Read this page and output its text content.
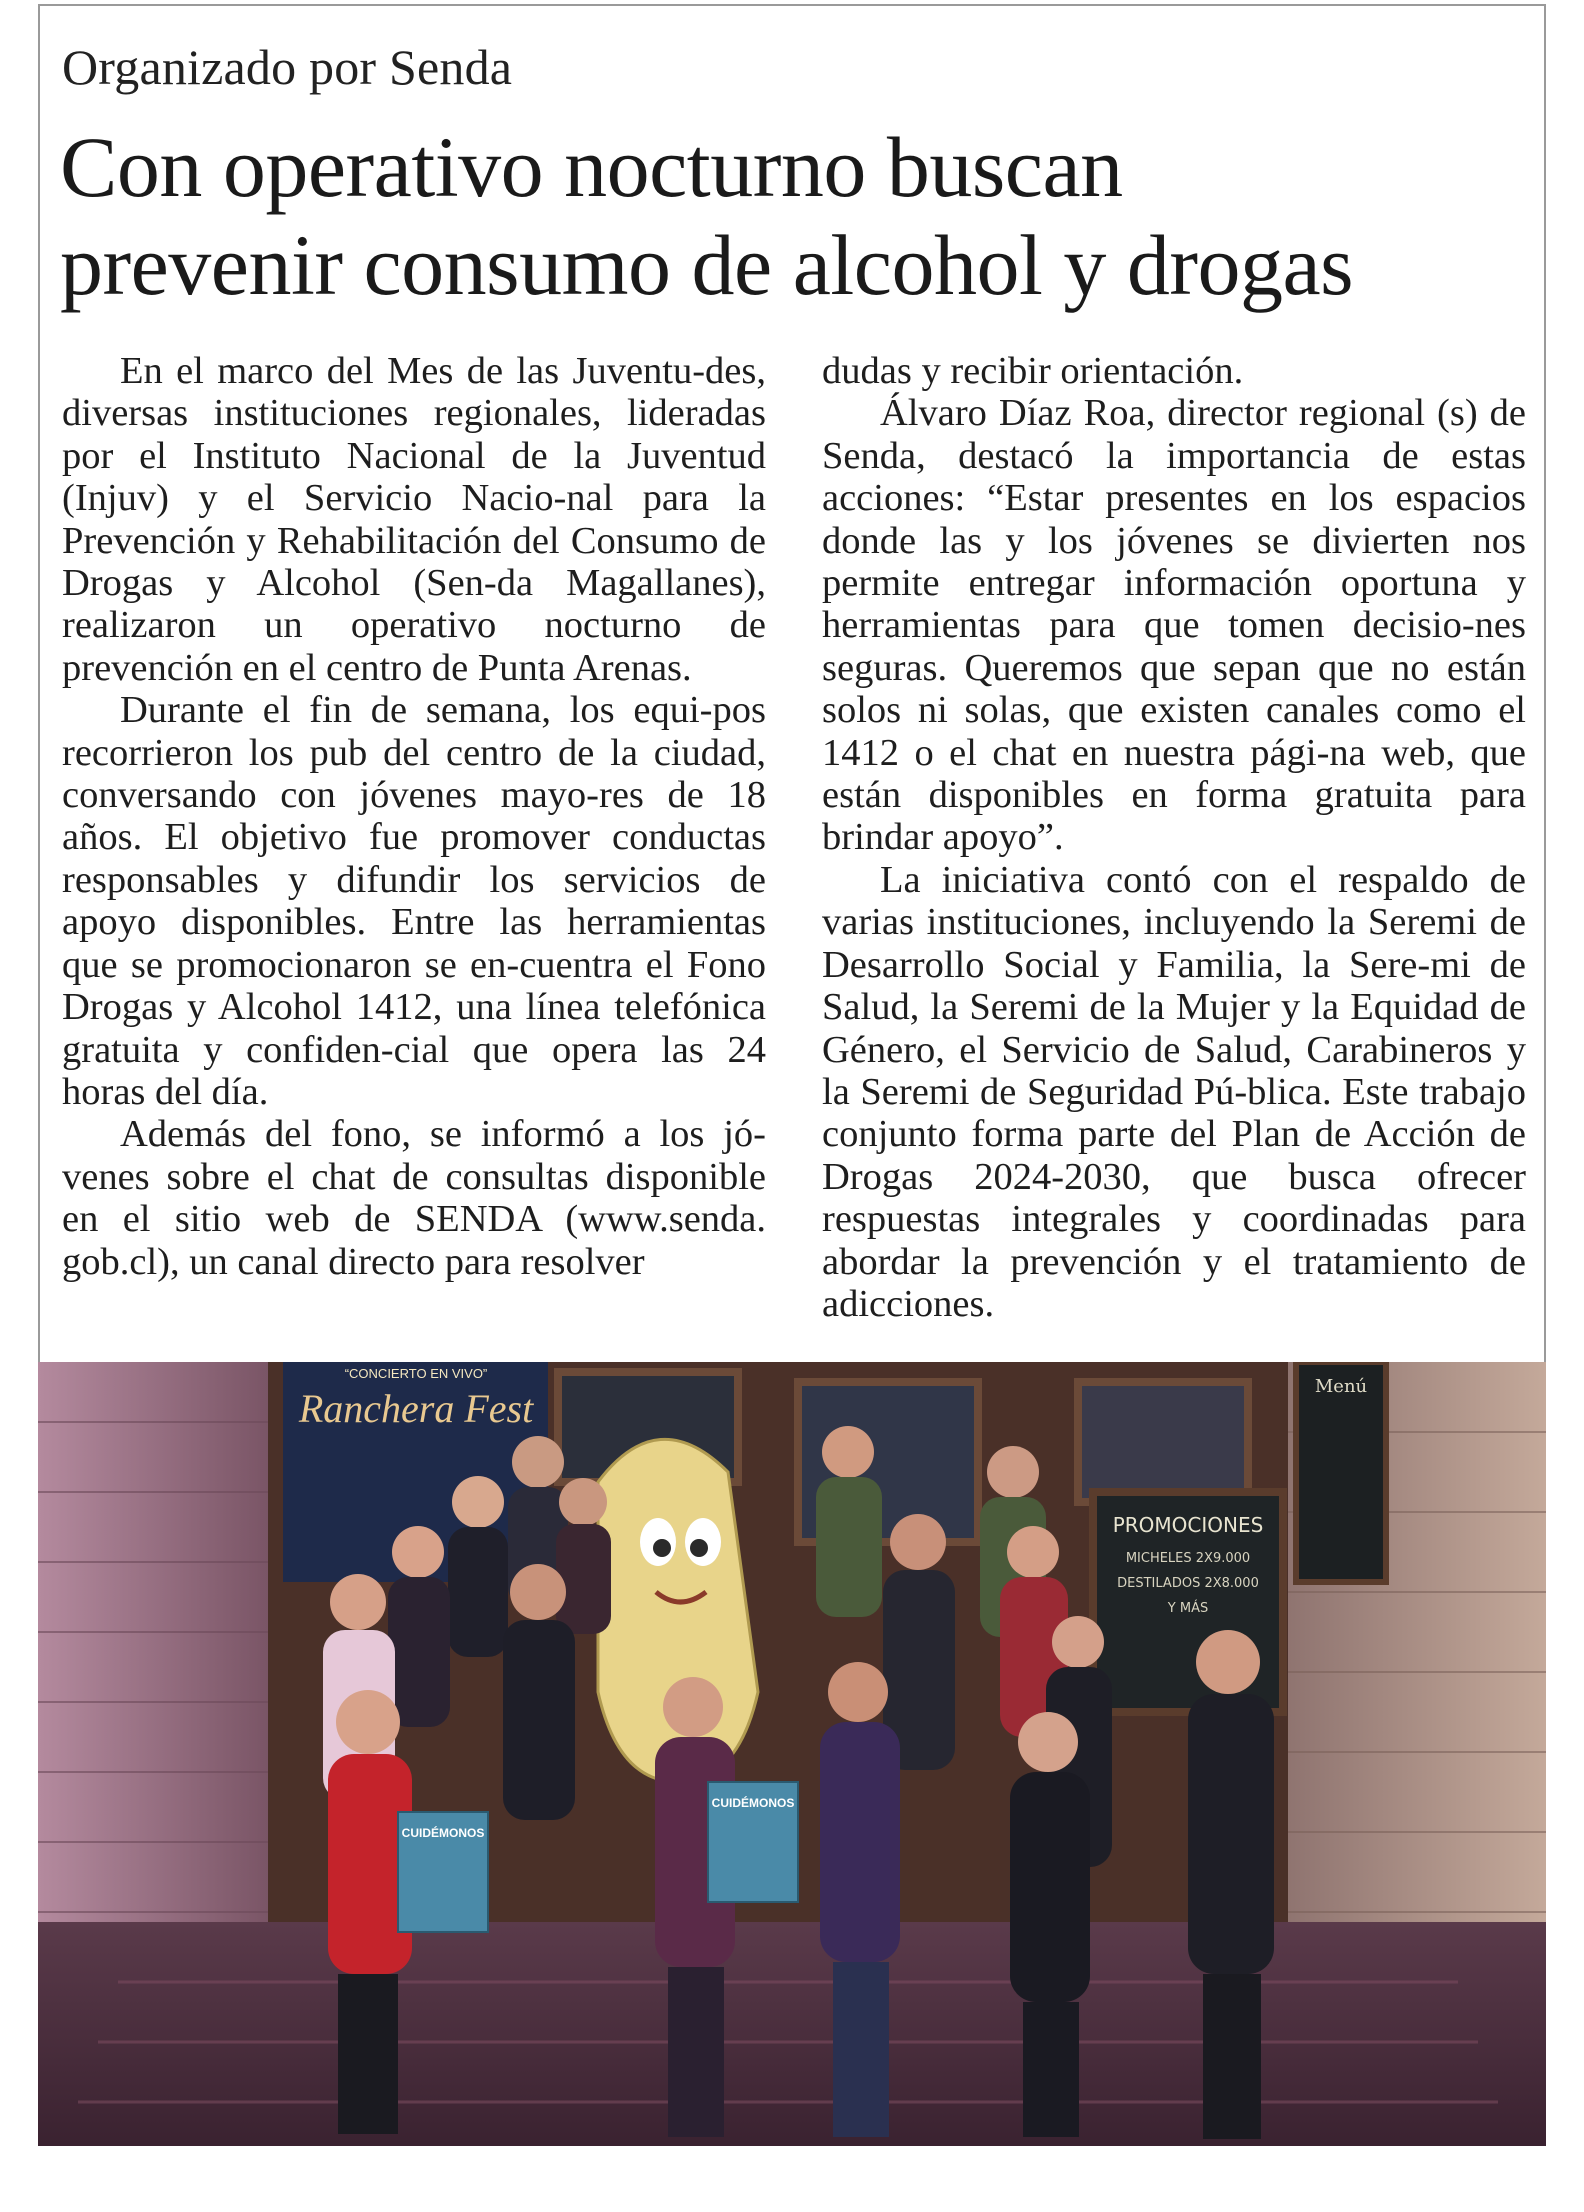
Organizado por Senda
Con operativo nocturno buscan
prevenir consumo de alcohol y drogas

En el marco del Mes de las Juventu-des, diversas instituciones regionales, lideradas por el Instituto Nacional de la Juventud (Injuv) y el Servicio Nacio-nal para la Prevención y Rehabilitación del Consumo de Drogas y Alcohol (Sen-da Magallanes), realizaron un operativo nocturno de prevención en el centro de Punta Arenas.

Durante el fin de semana, los equi-pos recorrieron los pub del centro de la ciudad, conversando con jóvenes mayo-res de 18 años. El objetivo fue promover conductas responsables y difundir los servicios de apoyo disponibles. Entre las herramientas que se promocionaron se en-cuentra el Fono Drogas y Alcohol 1412, una línea telefónica gratuita y confiden-cial que opera las 24 horas del día.

Además del fono, se informó a los jó-venes sobre el chat de consultas disponible en el sitio web de SENDA (www.senda. gob.cl), un canal directo para resolver

dudas y recibir orientación.

Álvaro Díaz Roa, director regional (s) de Senda, destacó la importancia de estas acciones: “Estar presentes en los espacios donde las y los jóvenes se divierten nos permite entregar información oportuna y herramientas para que tomen decisio-nes seguras. Queremos que sepan que no están solos ni solas, que existen canales como el 1412 o el chat en nuestra pági-na web, que están disponibles en forma gratuita para brindar apoyo”.

La iniciativa contó con el respaldo de varias instituciones, incluyendo la Seremi de Desarrollo Social y Familia, la Sere-mi de Salud, la Seremi de la Mujer y la Equidad de Género, el Servicio de Salud, Carabineros y la Seremi de Seguridad Pú-blica. Este trabajo conjunto forma parte del Plan de Acción de Drogas 2024-2030, que busca ofrecer respuestas integrales y coordinadas para abordar la prevención y el tratamiento de adicciones.

“CONCIERTO EN VIVO”
Ranchera Fest
PROMOCIONES
MICHELES 2X9.000
DESTILADOS 2X8.000
Y MÁS
Menú
CUIDÉMONOS
CUIDÉMONOS
